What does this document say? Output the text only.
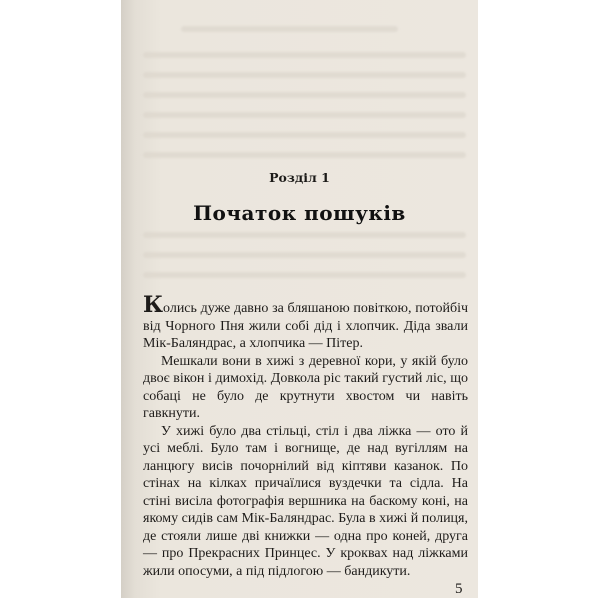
Розділ 1
Початок пошуків

Колись дуже давно за бляшаною повіткою, потойбіч від Чорного Пня жили собі дід і хлопчик. Діда звали Мік-Баляндрас, а хлопчика — Пітер.

Мешкали вони в хижі з деревної кори, у якій було двоє вікон і димохід. Довкола ріс такий густий ліс, що собаці не було де крутнути хвостом чи навіть гавкнути.

У хижі було два стільці, стіл і два ліжка — ото й усі меблі. Було там і вогнище, де над вугіллям на ланцюгу висів почорнілий від кіптяви казанок. По стінах на кілках причаїлися вуздечки та сідла. На стіні висіла фотографія вершника на баскому коні, на якому сидів сам Мік-Баляндрас. Була в хижі й полиця, де стояли лише дві книжки — одна про коней, друга — про Прекрасних Принцес. У кроквах над ліжками жили опосуми, а під підлогою — бандикути.

5
